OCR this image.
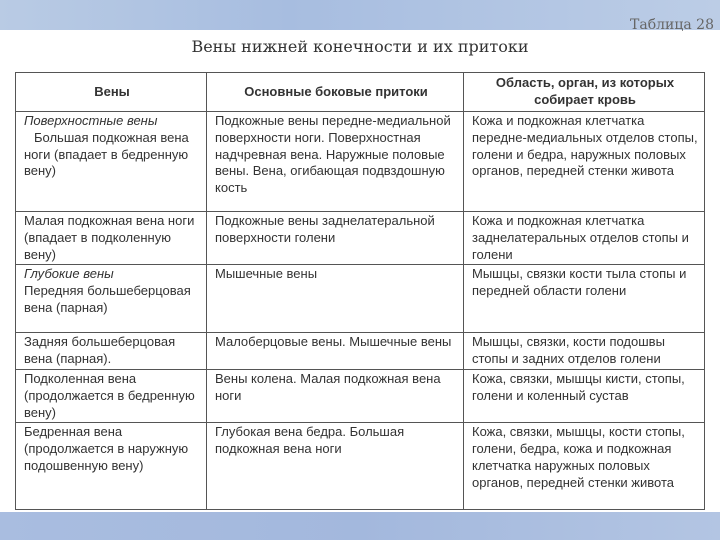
Таблица 28
Вены нижней конечности и их притоки
Вены	Основные боковые притоки	Область, орган, из которых собирает кровь
Поверхностные вены
Большая подкожная вена ноги (впадает в бедренную вену)	Подкожные вены передне-медиальной поверхности ноги. Поверхностная надчревная вена. Наружные половые вены. Вена, огибающая подвздошную кость	Кожа и подкожная клетчатка передне-медиальных отделов стопы, голени и бедра, наружных половых органов, передней стенки живота
Малая подкожная вена ноги (впадает в подколенную вену)	Подкожные вены заднелатеральной поверхности голени	Кожа и подкожная клетчатка заднелатеральных отделов стопы и голени
Глубокие вены
Передняя большеберцовая вена (парная)	Мышечные вены	Мышцы, связки кости тыла стопы и передней области голени
Задняя большеберцовая вена (парная).	Малоберцовые вены. Мышечные вены	Мышцы, связки, кости подошвы стопы и задних отделов голени
Подколенная вена (продолжается в бедренную вену)	Вены колена. Малая подкожная вена ноги	Кожа, связки, мышцы кисти, стопы, голени и коленный сустав
Бедренная вена (продолжается в наружную подошвенную вену)	Глубокая вена бедра. Большая подкожная вена ноги	Кожа, связки, мышцы, кости стопы, голени, бедра, кожа и подкожная клетчатка наружных половых органов, передней стенки живота
